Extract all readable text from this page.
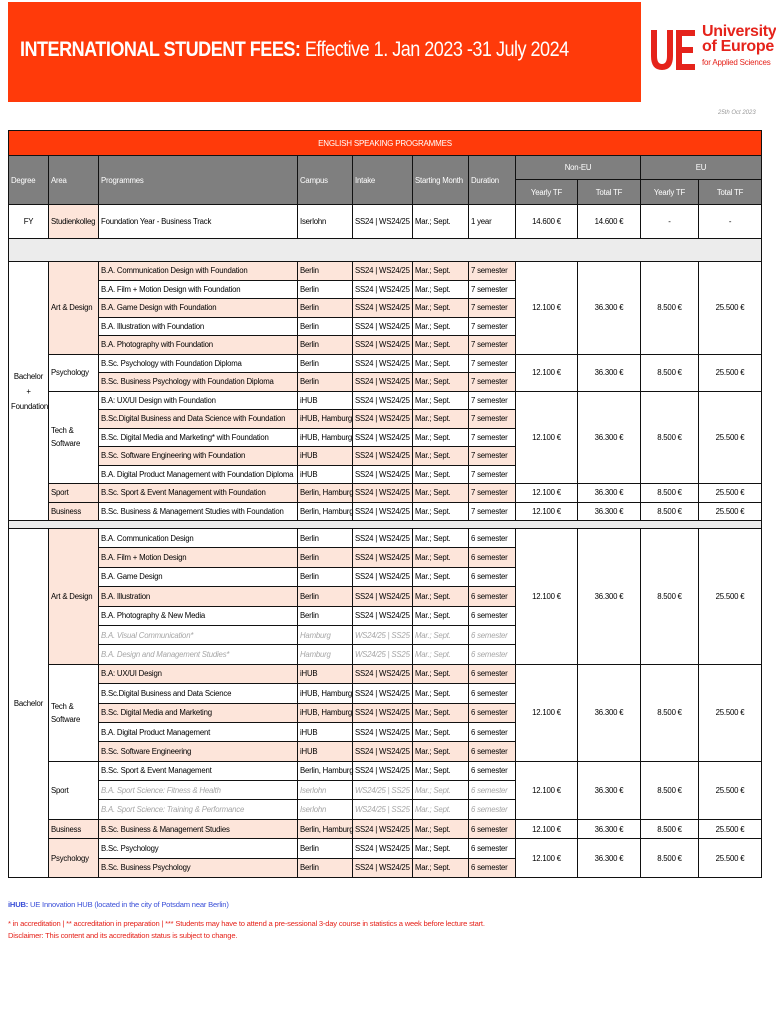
INTERNATIONAL STUDENT FEES: Effective 1. Jan 2023 -31 July 2024
University
of Europe
for Applied Sciences
25th Oct 2023
ENGLISH SPEAKING PROGRAMMES										
Degree	Area	Programmes	Campus	Intake	Starting Month	Duration	Non-EU		EU	
							Yearly TF	Total TF	Yearly TF	Total TF
FY	Studienkolleg	Foundation Year - Business Track	Iserlohn	SS24 | WS24/25	Mar.; Sept.	1 year	14.600 €	14.600 €	-	-

Bachelor + Foundation	Art & Design	B.A. Communication Design with Foundation	Berlin	SS24 | WS24/25	Mar.; Sept.	7 semester	12.100 €	36.300 €	8.500 €	25.500 €
		B.A. Film + Motion Design with Foundation	Berlin	SS24 | WS24/25	Mar.; Sept.	7 semester				
		B.A. Game Design with Foundation	Berlin	SS24 | WS24/25	Mar.; Sept.	7 semester				
		B.A. Illustration with Foundation	Berlin	SS24 | WS24/25	Mar.; Sept.	7 semester				
		B.A. Photography with Foundation	Berlin	SS24 | WS24/25	Mar.; Sept.	7 semester				
	Psychology	B.Sc. Psychology with Foundation Diploma	Berlin	SS24 | WS24/25	Mar.; Sept.	7 semester	12.100 €	36.300 €	8.500 €	25.500 €
		B.Sc. Business Psychology with Foundation Diploma	Berlin	SS24 | WS24/25	Mar.; Sept.	7 semester				
	Tech & Software	B.A: UX/UI Design with Foundation	iHUB	SS24 | WS24/25	Mar.; Sept.	7 semester	12.100 €	36.300 €	8.500 €	25.500 €
		B.Sc.Digital Business and Data Science with Foundation	iHUB, Hamburg	SS24 | WS24/25	Mar.; Sept.	7 semester				
		B.Sc. Digital Media and Marketing* with Foundation	iHUB, Hamburg	SS24 | WS24/25	Mar.; Sept.	7 semester				
		B.Sc. Software Engineering with Foundation	iHUB	SS24 | WS24/25	Mar.; Sept.	7 semester				
		B.A. Digital Product Management with Foundation Diploma	iHUB	SS24 | WS24/25	Mar.; Sept.	7 semester				
	Sport	B.Sc. Sport & Event Management with Foundation	Berlin, Hamburg	SS24 | WS24/25	Mar.; Sept.	7 semester	12.100 €	36.300 €	8.500 €	25.500 €
	Business	B.Sc. Business & Management Studies with Foundation	Berlin, Hamburg	SS24 | WS24/25	Mar.; Sept.	7 semester	12.100 €	36.300 €	8.500 €	25.500 €

Bachelor	Art & Design	B.A. Communication Design	Berlin	SS24 | WS24/25	Mar.; Sept.	6 semester	12.100 €	36.300 €	8.500 €	25.500 €
		B.A. Film + Motion Design	Berlin	SS24 | WS24/25	Mar.; Sept.	6 semester				
		B.A. Game Design	Berlin	SS24 | WS24/25	Mar.; Sept.	6 semester				
		B.A. Illustration	Berlin	SS24 | WS24/25	Mar.; Sept.	6 semester				
		B.A. Photography & New Media	Berlin	SS24 | WS24/25	Mar.; Sept.	6 semester				
		B.A. Visual Communication*	Hamburg	WS24/25 | SS25	Mar.; Sept.	6 semester				
		B.A. Design and Management Studies*	Hamburg	WS24/25 | SS25	Mar.; Sept.	6 semester				
	Tech & Software	B.A: UX/UI Design	iHUB	SS24 | WS24/25	Mar.; Sept.	6 semester	12.100 €	36.300 €	8.500 €	25.500 €
		B.Sc.Digital Business and Data Science	iHUB, Hamburg	SS24 | WS24/25	Mar.; Sept.	6 semester				
		B.Sc. Digital Media and Marketing	iHUB, Hamburg	SS24 | WS24/25	Mar.; Sept.	6 semester				
		B.A. Digital Product Management	iHUB	SS24 | WS24/25	Mar.; Sept.	6 semester				
		B.Sc. Software Engineering	iHUB	SS24 | WS24/25	Mar.; Sept.	6 semester				
	Sport	B.Sc. Sport & Event Management	Berlin, Hamburg	SS24 | WS24/25	Mar.; Sept.	6 semester	12.100 €	36.300 €	8.500 €	25.500 €
		B.A. Sport Science: Fitness & Health	Iserlohn	WS24/25 | SS25	Mar.; Sept.	6 semester				
		B.A. Sport Science: Training & Performance	Iserlohn	WS24/25 | SS25	Mar.; Sept.	6 semester				
	Business	B.Sc. Business & Management Studies	Berlin, Hamburg	SS24 | WS24/25	Mar.; Sept.	6 semester	12.100 €	36.300 €	8.500 €	25.500 €
	Psychology	B.Sc. Psychology	Berlin	SS24 | WS24/25	Mar.; Sept.	6 semester	12.100 €	36.300 €	8.500 €	25.500 €
		B.Sc. Business Psychology	Berlin	SS24 | WS24/25	Mar.; Sept.	6 semester				
iHUB: UE Innovation HUB (located in the city of Potsdam near Berlin)
* in accreditation | ** accreditation in preparation | *** Students may have to attend a pre-sessional 3-day course in statistics a week before lecture start.
Disclaimer: This content and its accreditation status is subject to change.
